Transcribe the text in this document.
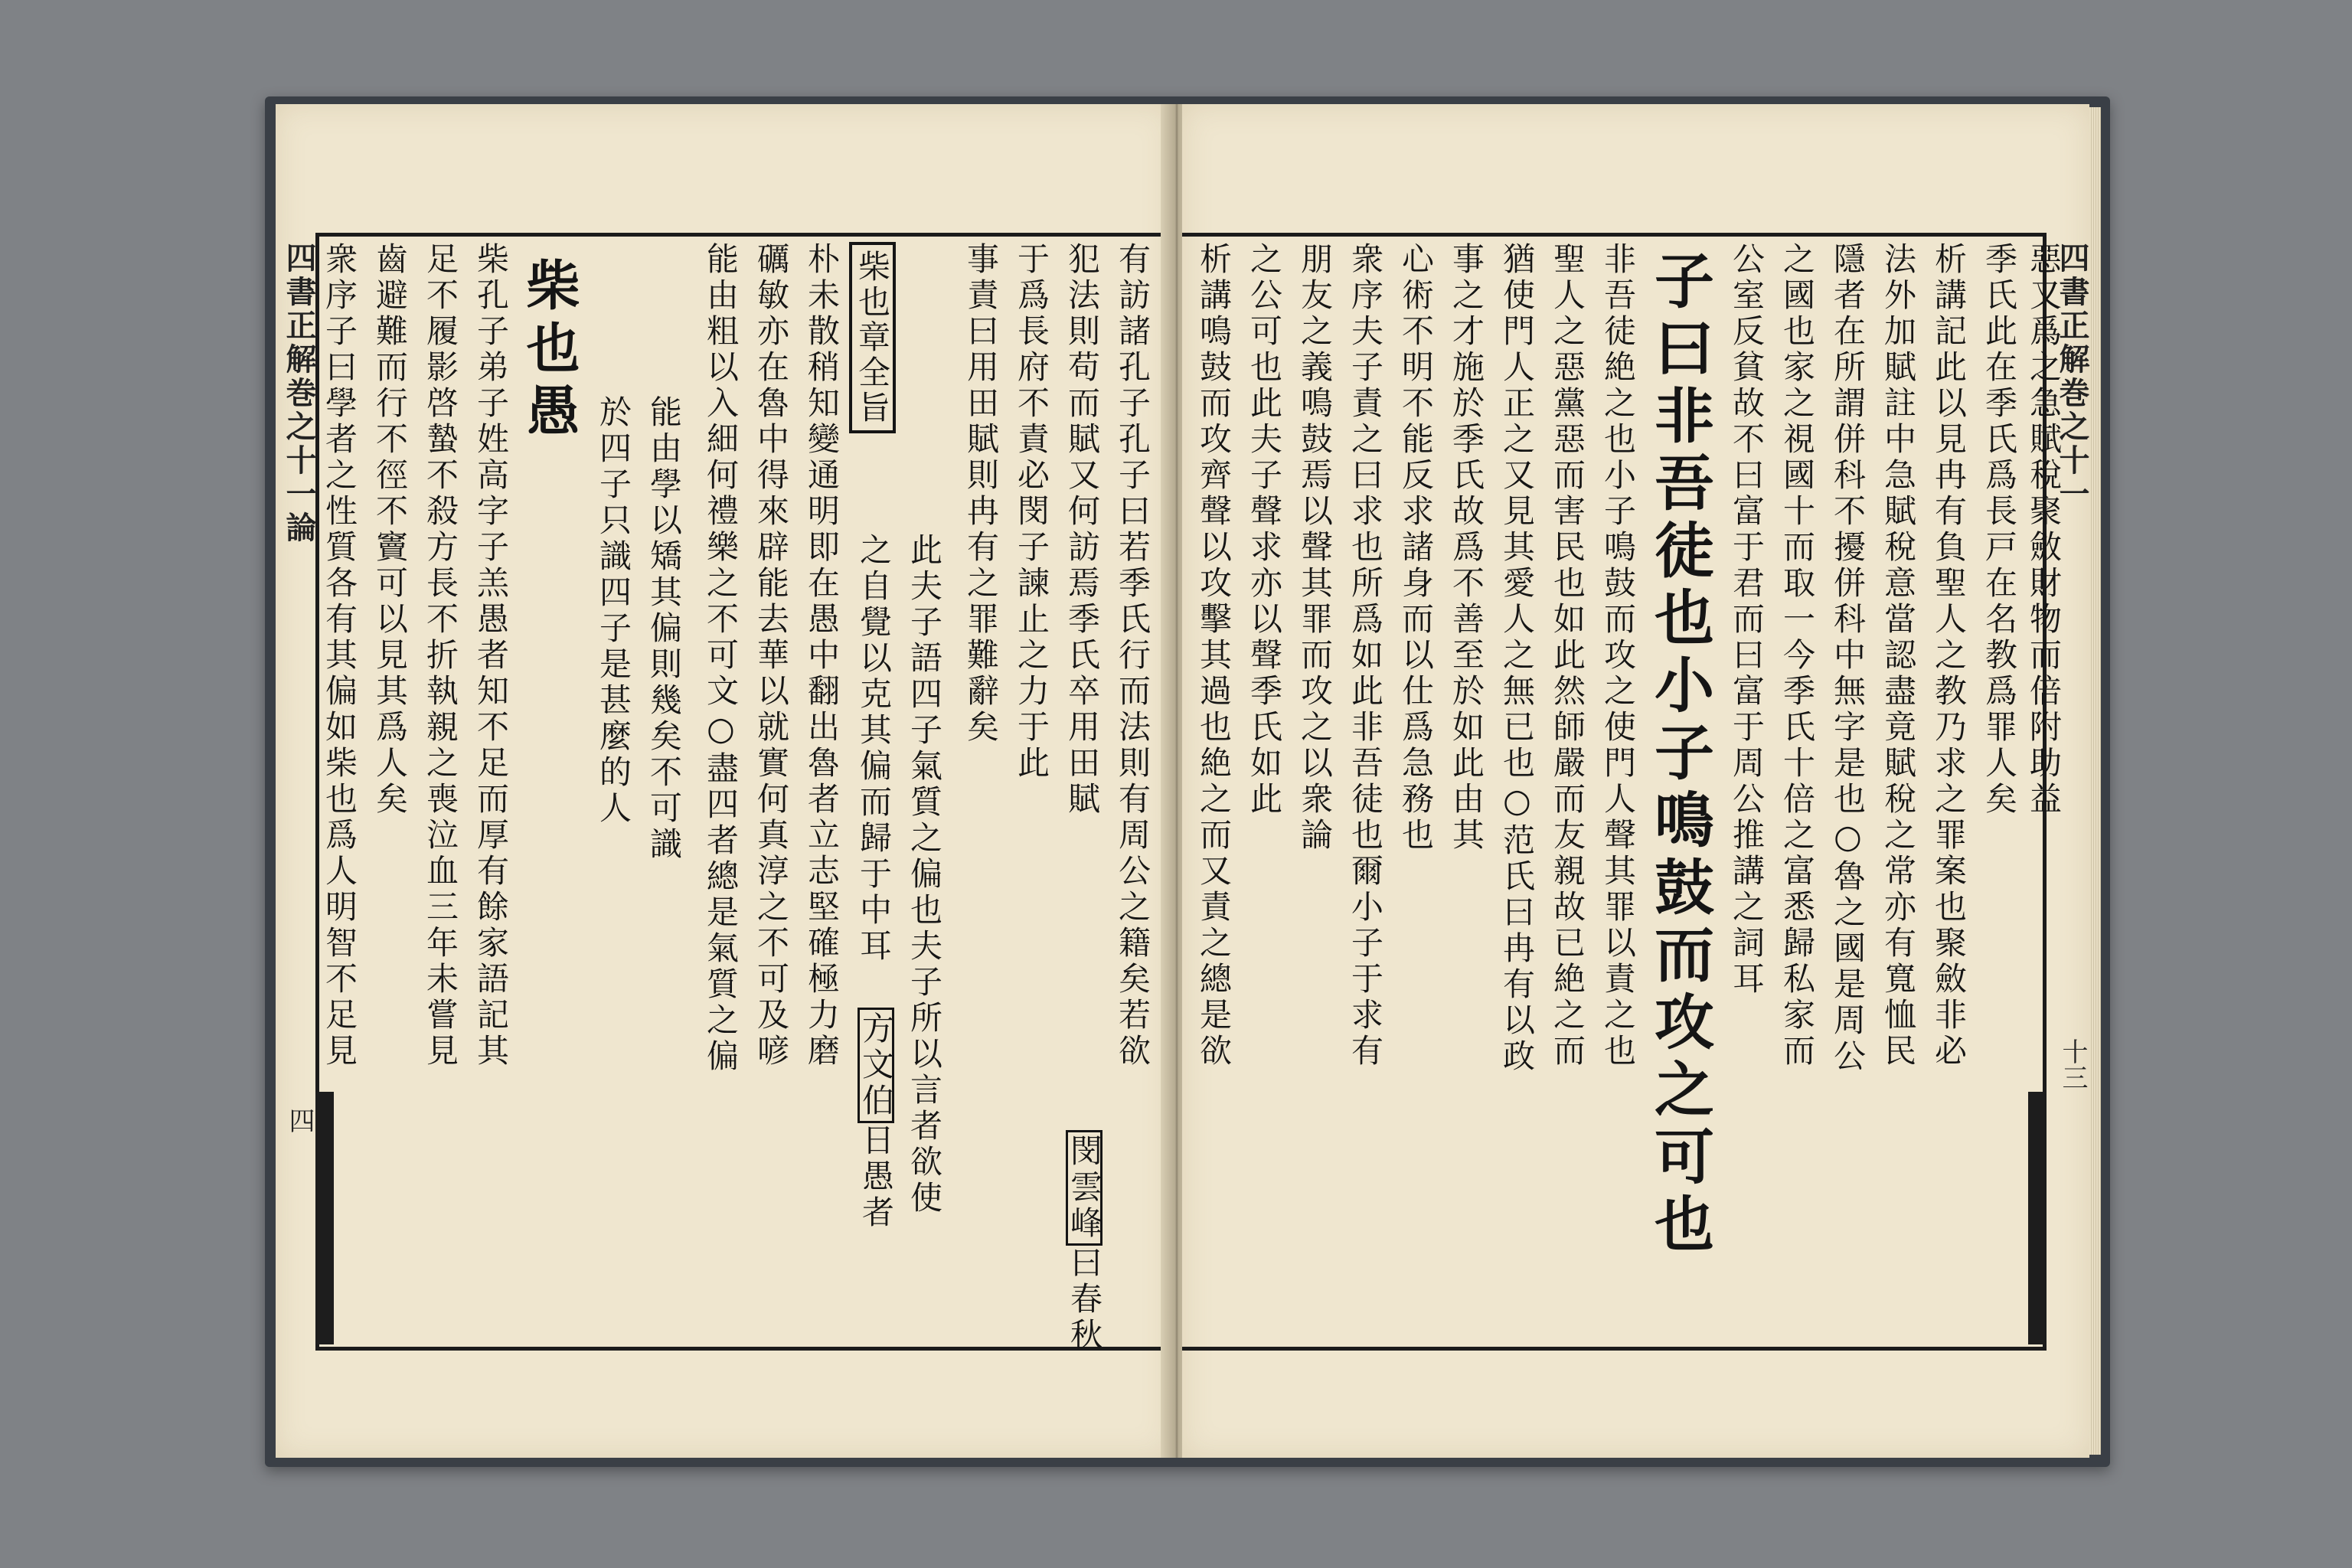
四書正解巻之十一論
四
衆序子曰學者之性質各有其偏如柴也爲人明智不足見 齒避難而行不徑不竇可以見其爲人矣 足不履影啓蟄不殺方長不折執親之喪泣血三年未嘗見 柴孔子弟子姓高字子羔愚者知不足而厚有餘家語記其 柴也愚
於四子只識四子是甚麼的人 能由學以矯其偏則幾矣不可識 能由粗以入細何禮樂之不可文○盡四者總是氣質之偏 礪敏亦在魯中得來辟能去華以就實何真淳之不可及喭 朴未散稍知變通明即在愚中翻出魯者立志堅確極力磨 柴也章全旨
之自覺以克其偏而歸于中耳 此夫子語四子氣質之偏也夫子所以言者欲使
方文伯日愚者
事責曰用田賦則冉有之罪難辭矣 于爲長府不責必閔子諫止之力于此 犯法則苟而賦又何訪焉季氏卒用田賦 有訪諸孔子孔子曰若季氏行而法則有周公之籍矣若欲
閔雲峰曰春秋
析講鳴鼓而攻齊聲以攻擊其過也絶之而又責之總是欲 之公可也此夫子聲求亦以聲季氏如此 朋友之義鳴鼓焉以聲其罪而攻之以衆論 衆序夫子責之曰求也所爲如此非吾徒也爾小子于求有 心術不明不能反求諸身而以仕爲急務也 事之才施於季氏故爲不善至於如此由其 猶使門人正之又見其愛人之無已也○范氏曰冉有以政 聖人之惡黨惡而害民也如此然師嚴而友親故已絶之而 非吾徒絶之也小子鳴鼓而攻之使門人聲其罪以責之也 子曰非吾徒也小子鳴鼓而攻之可也 公室反貧故不曰富于君而曰富于周公推講之詞耳 之國也家之視國十而取一今季氏十倍之富悉歸私家而 隱者在所謂併科不擾併科中無字是也○魯之國是周公 法外加賦註中急賦稅意當認盡竟賦稅之常亦有寬恤民 析講記此以見冉有負聖人之教乃求之罪案也聚斂非必 季氏此在季氏爲長戸在名教爲罪人矣 惡又爲之急賦稅聚斂財物而倍附助益
四書正解巻之十一
十三
